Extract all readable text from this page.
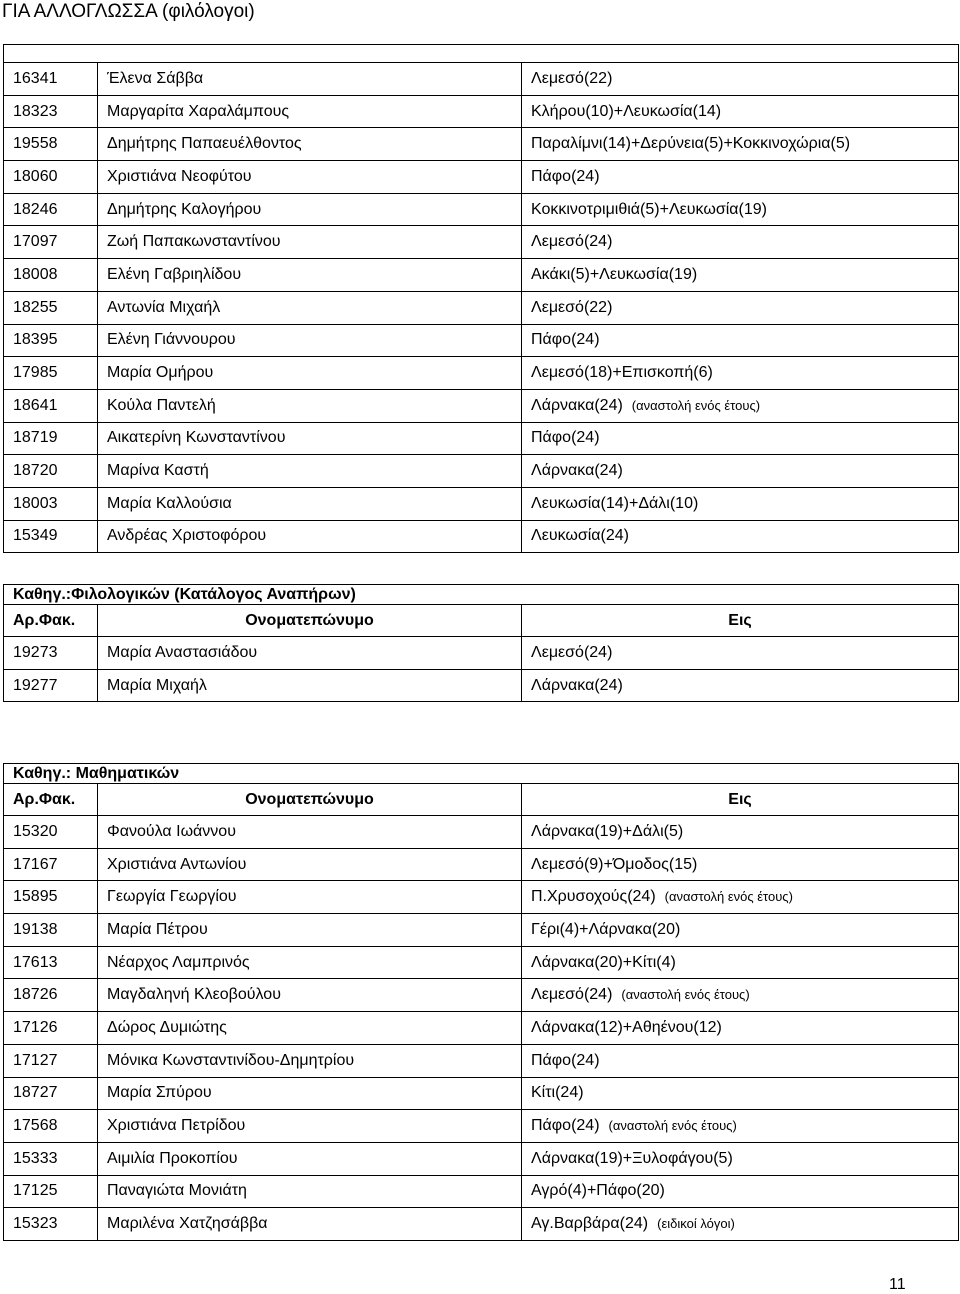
ΓΙΑ ΑΛΛΟΓΛΩΣΣΑ (φιλόλογοι)

16341	Έλενα Σάββα	Λεμεσό(22)
18323	Μαργαρίτα Χαραλάμπους	Κλήρου(10)+Λευκωσία(14)
19558	Δημήτρης Παπαευέλθοντος	Παραλίμνι(14)+Δερύνεια(5)+Κοκκινοχώρια(5)
18060	Χριστιάνα Νεοφύτου	Πάφο(24)
18246	Δημήτρης Καλογήρου	Κοκκινοτριμιθιά(5)+Λευκωσία(19)
17097	Ζωή Παπακωνσταντίνου	Λεμεσό(24)
18008	Ελένη Γαβριηλίδου	Ακάκι(5)+Λευκωσία(19)
18255	Αντωνία Μιχαήλ	Λεμεσό(22)
18395	Ελένη Γιάννουρου	Πάφο(24)
17985	Μαρία Ομήρου	Λεμεσό(18)+Επισκοπή(6)
18641	Κούλα Παντελή	Λάρνακα(24) (αναστολή ενός έτους)
18719	Αικατερίνη Κωνσταντίνου	Πάφο(24)
18720	Μαρίνα Καστή	Λάρνακα(24)
18003	Μαρία Καλλούσια	Λευκωσία(14)+Δάλι(10)
15349	Ανδρέας Χριστοφόρου	Λευκωσία(24)
Καθηγ.:Φιλολογικών (Κατάλογος Αναπήρων)		
Αρ.Φακ.	Ονοματεπώνυμο	Εις
19273	Μαρία Αναστασιάδου	Λεμεσό(24)
19277	Μαρία Μιχαήλ	Λάρνακα(24)
Καθηγ.: Μαθηματικών		
Αρ.Φακ.	Ονοματεπώνυμο	Εις
15320	Φανούλα Ιωάννου	Λάρνακα(19)+Δάλι(5)
17167	Χριστιάνα Αντωνίου	Λεμεσό(9)+Όμοδος(15)
15895	Γεωργία Γεωργίου	Π.Χρυσοχούς(24) (αναστολή ενός έτους)
19138	Μαρία Πέτρου	Γέρι(4)+Λάρνακα(20)
17613	Νέαρχος Λαμπρινός	Λάρνακα(20)+Κίτι(4)
18726	Μαγδαληνή Κλεοβούλου	Λεμεσό(24) (αναστολή ενός έτους)
17126	Δώρος Δυμιώτης	Λάρνακα(12)+Αθηένου(12)
17127	Μόνικα Κωνσταντινίδου-Δημητρίου	Πάφο(24)
18727	Μαρία Σπύρου	Κίτι(24)
17568	Χριστιάνα Πετρίδου	Πάφο(24) (αναστολή ενός έτους)
15333	Αιμιλία Προκοπίου	Λάρνακα(19)+Ξυλοφάγου(5)
17125	Παναγιώτα Μονιάτη	Αγρό(4)+Πάφο(20)
15323	Μαριλένα Χατζησάββα	Αγ.Βαρβάρα(24) (ειδικοί λόγοι)
11
